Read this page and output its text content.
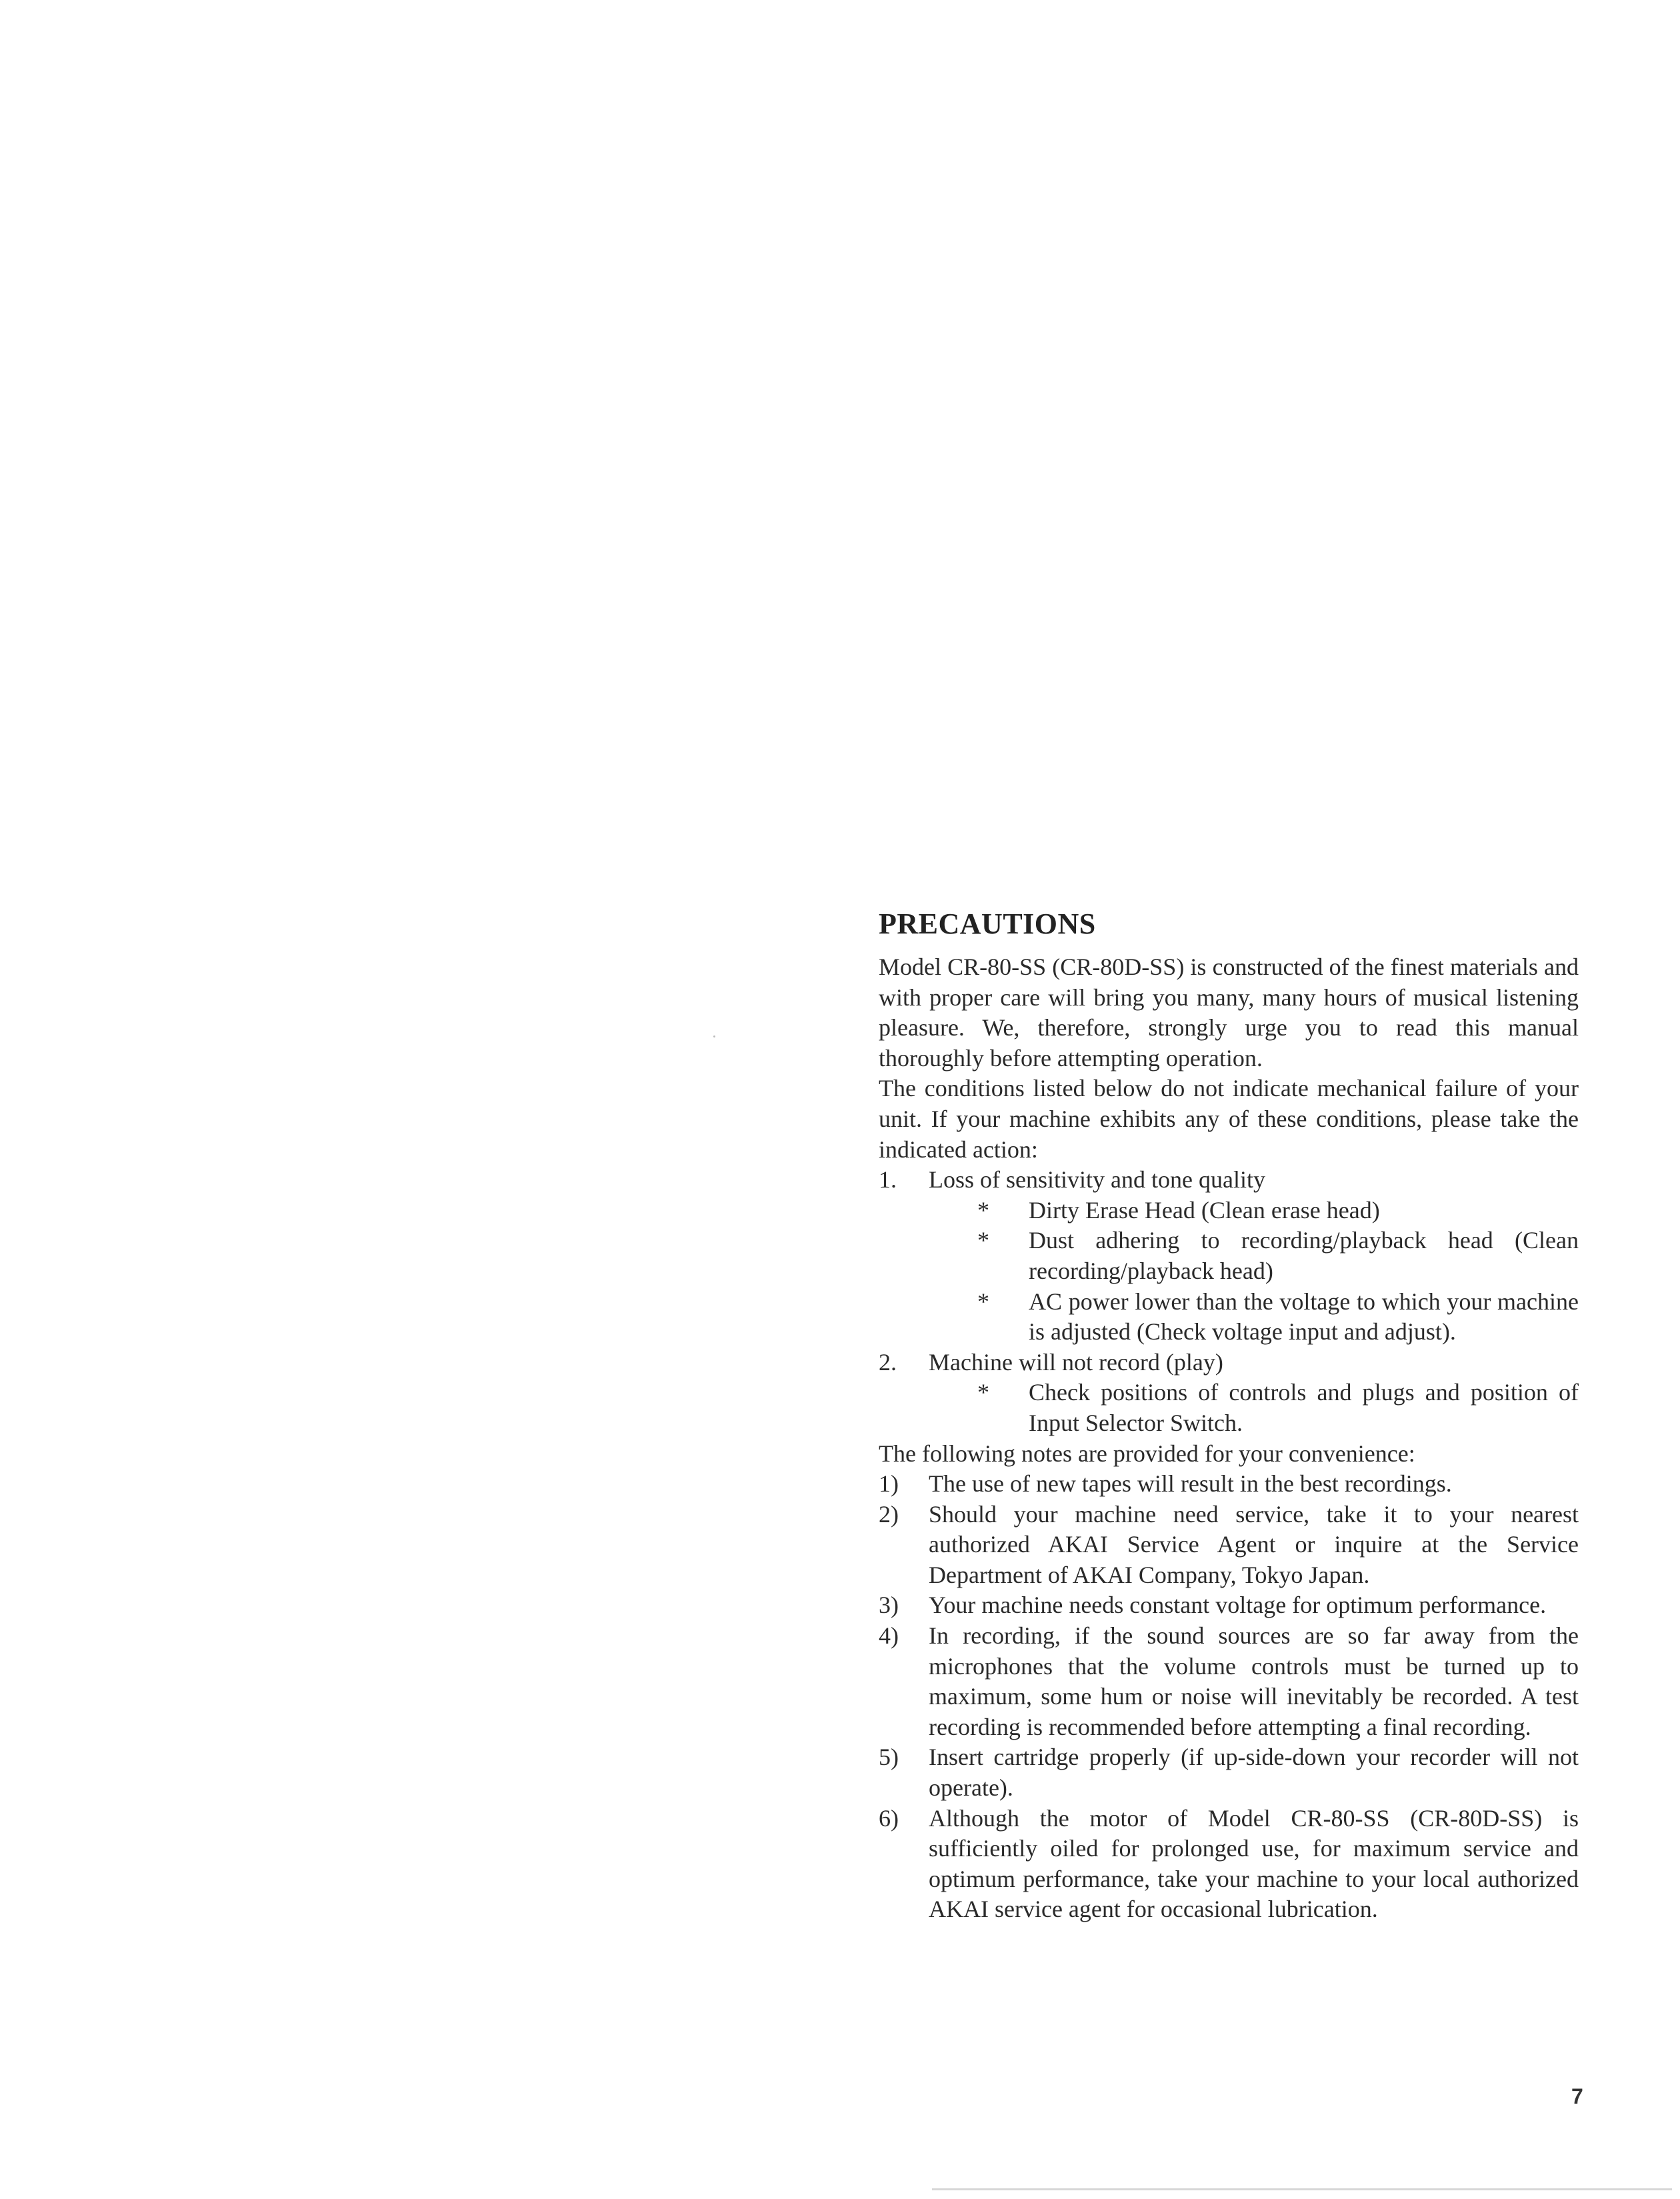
PRECAUTIONS

Model CR-80-SS (CR-80D-SS) is constructed of the finest materials and with proper care will bring you many, many hours of musical listening pleasure. We, therefore, strongly urge you to read this manual thoroughly before attempting operation.

The conditions listed below do not indicate mechanical failure of your unit. If your machine exhibits any of these conditions, please take the indicated action:

1. Loss of sensitivity and tone quality

* Dirty Erase Head (Clean erase head)

* Dust adhering to recording/playback head (Clean recording/playback head)

* AC power lower than the voltage to which your machine is adjusted (Check voltage input and adjust).

2. Machine will not record (play)

* Check positions of controls and plugs and position of Input Selector Switch.

The following notes are provided for your convenience:

1) The use of new tapes will result in the best recordings.

2) Should your machine need service, take it to your nearest authorized AKAI Service Agent or inquire at the Service Department of AKAI Company, Tokyo Japan.

3) Your machine needs constant voltage for optimum performance.

4) In recording, if the sound sources are so far away from the microphones that the volume controls must be turned up to maximum, some hum or noise will inevitably be recorded. A test recording is recommended before attempting a final recording.

5) Insert cartridge properly (if up-side-down your recorder will not operate).

6) Although the motor of Model CR-80-SS (CR-80D-SS) is sufficiently oiled for prolonged use, for maximum service and optimum performance, take your machine to your local authorized AKAI service agent for occasional lubrication.

7
